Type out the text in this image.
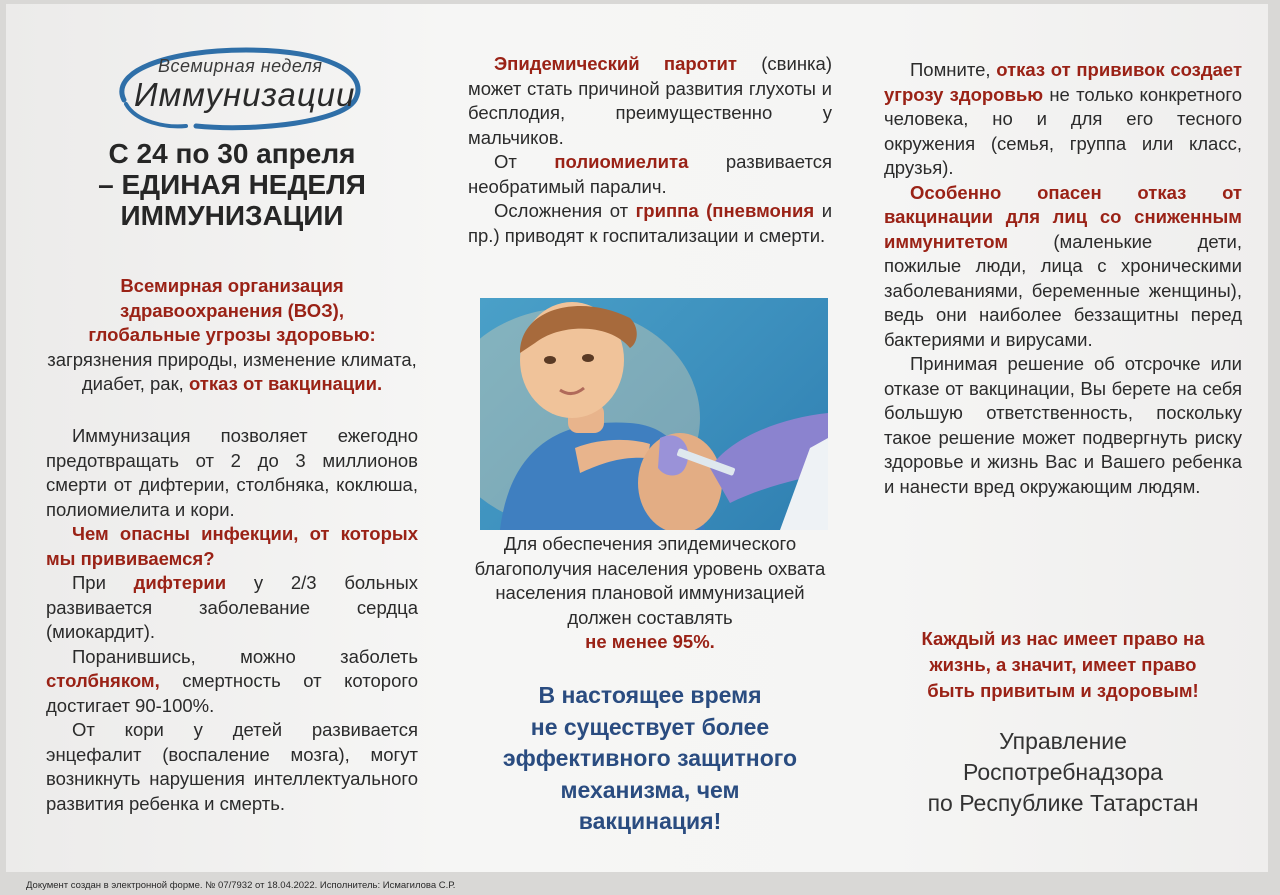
Всемирная неделя
Иммунизации
С 24 по 30 апреля
– ЕДИНАЯ НЕДЕЛЯ
ИММУНИЗАЦИИ

Всемирная организация

здравоохранения (ВОЗ),

глобальные угрозы здоровью:

загрязнения природы, изменение климата, диабет, рак, отказ от вакцинации.

Иммунизация позволяет ежегодно предотвращать от 2 до 3 миллионов смерти от дифтерии, столбняка, коклюша, полиомиелита и кори.

Чем опасны инфекции, от которых мы прививаемся?

При дифтерии у 2/3 больных развивается заболевание сердца (миокардит).

Поранившись, можно заболеть столбняком, смертность от которого достигает 90-100%.

От кори у детей развивается энцефалит (воспаление мозга), могут возникнуть нарушения интеллектуального развития ребенка и смерть.

Эпидемический паротит (свинка) может стать причиной развития глухоты и бесплодия, преимущественно у мальчиков.

От полиомиелита развивается необратимый паралич.

Осложнения от гриппа (пневмония и пр.) приводят к госпитализации и смерти.

Для обеспечения эпидемического благополучия населения уровень охвата населения плановой иммунизацией должен составлять

не менее 95%.

В настоящее время
не существует более
эффективного защитного
механизма, чем
вакцинация!

Помните, отказ от прививок создает угрозу здоровью не только конкретного человека, но и для его тесного окружения (семья, группа или класс, друзья).

Особенно опасен отказ от вакцинации для лиц со сниженным иммунитетом (маленькие дети, пожилые люди, лица с хроническими заболеваниями, беременные женщины), ведь они наиболее беззащитны перед бактериями и вирусами.

Принимая решение об отсрочке или отказе от вакцинации, Вы берете на себя большую ответственность, поскольку такое решение может подвергнуть риску здоровье и жизнь Вас и Вашего ребенка и нанести вред окружающим людям.

Каждый из нас имеет право на
жизнь, а значит, имеет право
быть привитым и здоровым!
Управление
Роспотребнадзора
по Республике Татарстан
Документ создан в электронной форме. № 07/7932 от 18.04.2022. Исполнитель: Исмагилова С.Р.
